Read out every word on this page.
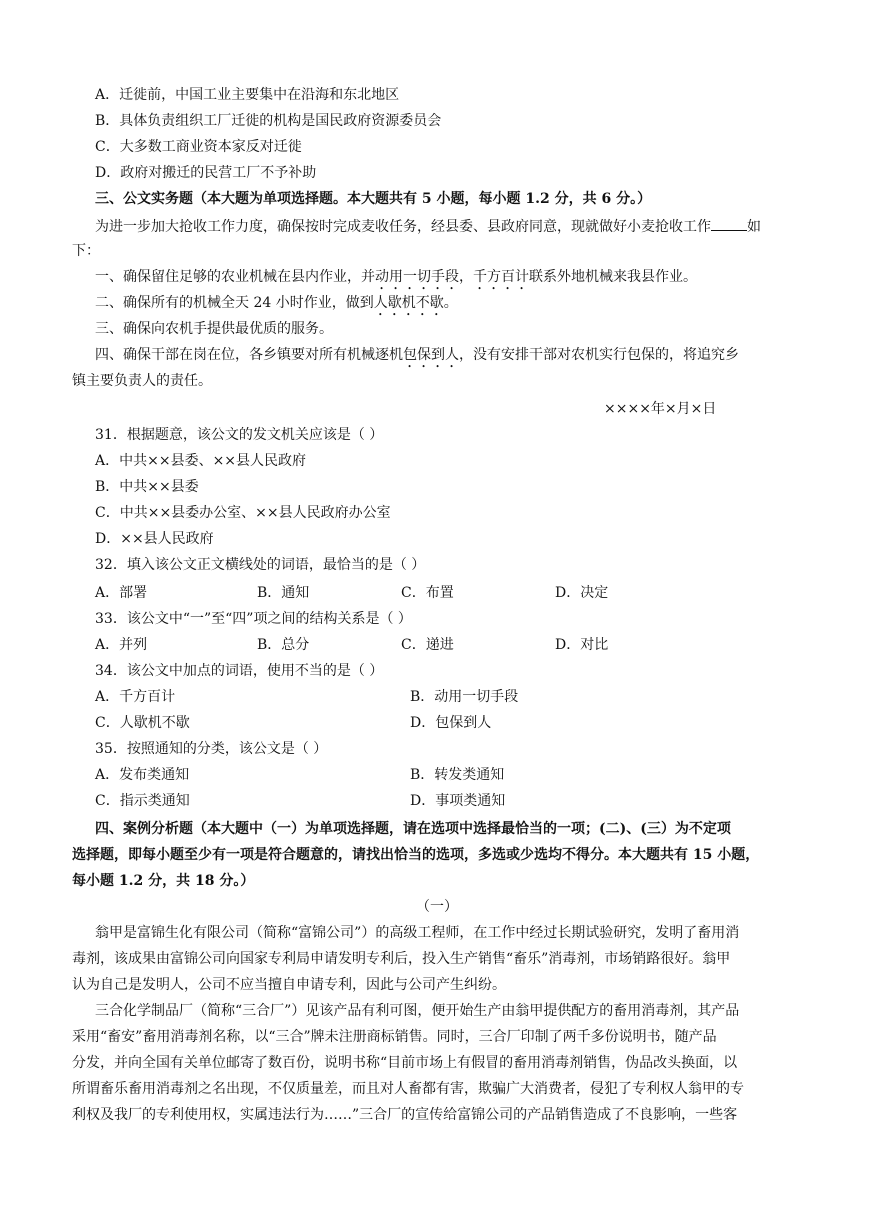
A．迁徙前，中国工业主要集中在沿海和东北地区
B．具体负责组织工厂迁徙的机构是国民政府资源委员会
C．大多数工商业资本家反对迁徙
D．政府对搬迁的民营工厂不予补助
三、公文实务题（本大题为单项选择题。本大题共有 5 小题，每小题 1.2 分，共 6 分。）
为进一步加大抢收工作力度，确保按时完成麦收任务，经县委、县政府同意，现就做好小麦抢收工作	如
下：
一、确保留住足够的农业机械在县内作业，并动用一切手段，千方百计联系外地机械来我县作业。
二、确保所有的机械全天 24 小时作业，做到人歇机不歇。
三、确保向农机手提供最优质的服务。
四、确保干部在岗在位，各乡镇要对所有机械逐机包保到人，没有安排干部对农机实行包保的，将追究乡
镇主要负责人的责任。
××××年×月×日
31．根据题意，该公文的发文机关应该是（ ）
A．中共××县委、××县人民政府
B．中共××县委
C．中共××县委办公室、××县人民政府办公室
D．××县人民政府
32．填入该公文正文横线处的词语，最恰当的是（ ）
A．部署	B．通知	C．布置	D．决定
33．该公文中“一”至“四”项之间的结构关系是（ ）
A．并列	B．总分	C．递进	D．对比
34．该公文中加点的词语，使用不当的是（ ）
A．千方百计	B．动用一切手段
C．人歇机不歇	D．包保到人
35．按照通知的分类，该公文是（ ）
A．发布类通知	B．转发类通知
C．指示类通知	D．事项类通知
四、案例分析题（本大题中（一）为单项选择题，请在选项中选择最恰当的一项；(二)、(三）为不定项
选择题，即每小题至少有一项是符合题意的，请找出恰当的选项，多选或少选均不得分。本大题共有 15 小题，
每小题 1.2 分，共 18 分。）
（一）
翁甲是富锦生化有限公司（简称“富锦公司”）的高级工程师，在工作中经过长期试验研究，发明了畜用消
毒剂，该成果由富锦公司向国家专利局申请发明专利后，投入生产销售“畜乐”消毒剂，市场销路很好。翁甲
认为自己是发明人，公司不应当擅自申请专利，因此与公司产生纠纷。
三合化学制品厂（简称“三合厂”）见该产品有利可图，便开始生产由翁甲提供配方的畜用消毒剂，其产品
采用“畜安”畜用消毒剂名称，以“三合”牌未注册商标销售。同时，三合厂印制了两千多份说明书，随产品
分发，并向全国有关单位邮寄了数百份，说明书称“目前市场上有假冒的畜用消毒剂销售，伪品改头换面，以
所谓畜乐畜用消毒剂之名出现，不仅质量差，而且对人畜都有害，欺骗广大消费者，侵犯了专利权人翁甲的专
利权及我厂的专利使用权，实属违法行为……”三合厂的宣传给富锦公司的产品销售造成了不良影响，一些客
